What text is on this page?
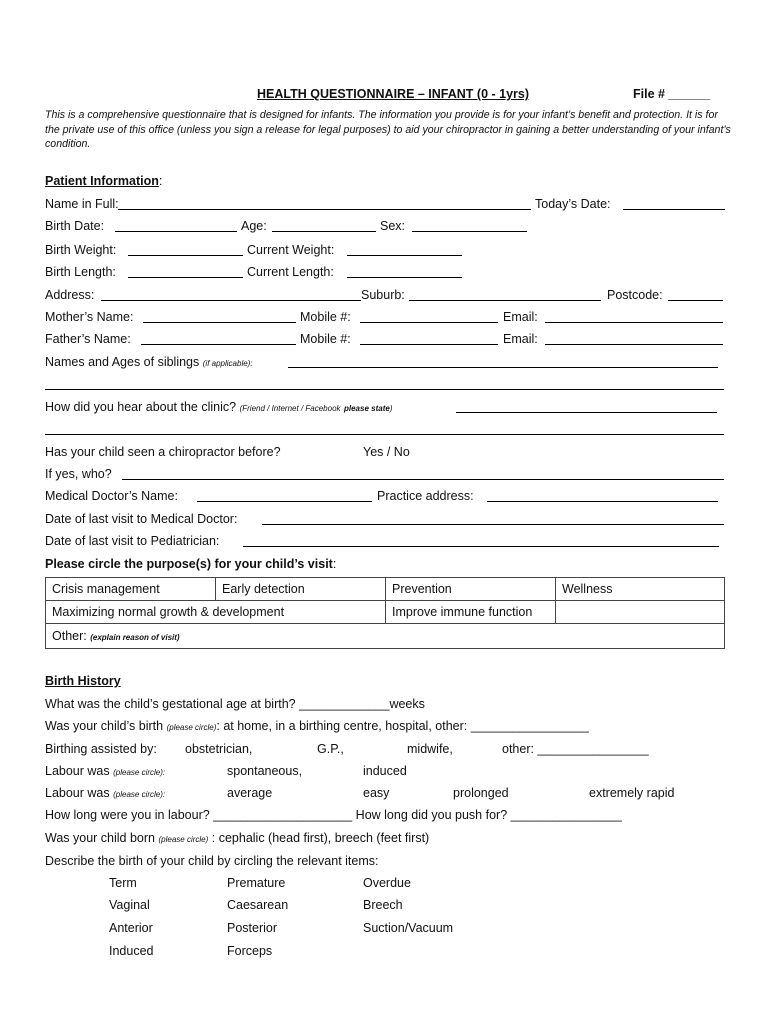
HEALTH QUESTIONNAIRE – INFANT (0 - 1yrs)	File # ______
This is a comprehensive questionnaire that is designed for infants. The information you provide is for your infant’s benefit and protection. It is for the private use of this office (unless you sign a release for legal purposes) to aid your chiropractor in gaining a better understanding of your infant’s condition.
Patient Information:
Name in Full:	Today’s Date:
Birth Date:	Age:	Sex:
Birth Weight:	Current Weight:
Birth Length:	Current Length:
Address:	Suburb:	Postcode:
Mother’s Name:	Mobile #:	Email:
Father’s Name:	Mobile #:	Email:
Names and Ages of siblings (if applicable):
How did you hear about the clinic? (Friend / Internet / Facebook please state)
Has your child seen a chiropractor before?	Yes / No
If yes, who?
Medical Doctor’s Name:	Practice address:
Date of last visit to Medical Doctor:
Date of last visit to Pediatrician:
Please circle the purpose(s) for your child’s visit:
Crisis management	Early detection	Prevention	Wellness
Maximizing normal growth & development		Improve immune function	
Other: (explain reason of visit)			
Birth History
What was the child’s gestational age at birth? _____________weeks
Was your child’s birth (please circle): at home, in a birthing centre, hospital, other: _________________
Birthing assisted by: obstetrician,	G.P.,	midwife,	other: ________________
Labour was (please circle):	spontaneous,	induced
Labour was (please circle):	average	easy	prolonged	extremely rapid
How long were you in labour? ____________________ How long did you push for? ________________
Was your child born (please circle) : cephalic (head first), breech (feet first)
Describe the birth of your child by circling the relevant items:
Term	Premature	Overdue
Vaginal	Caesarean	Breech
Anterior	Posterior	Suction/Vacuum
Induced	Forceps
